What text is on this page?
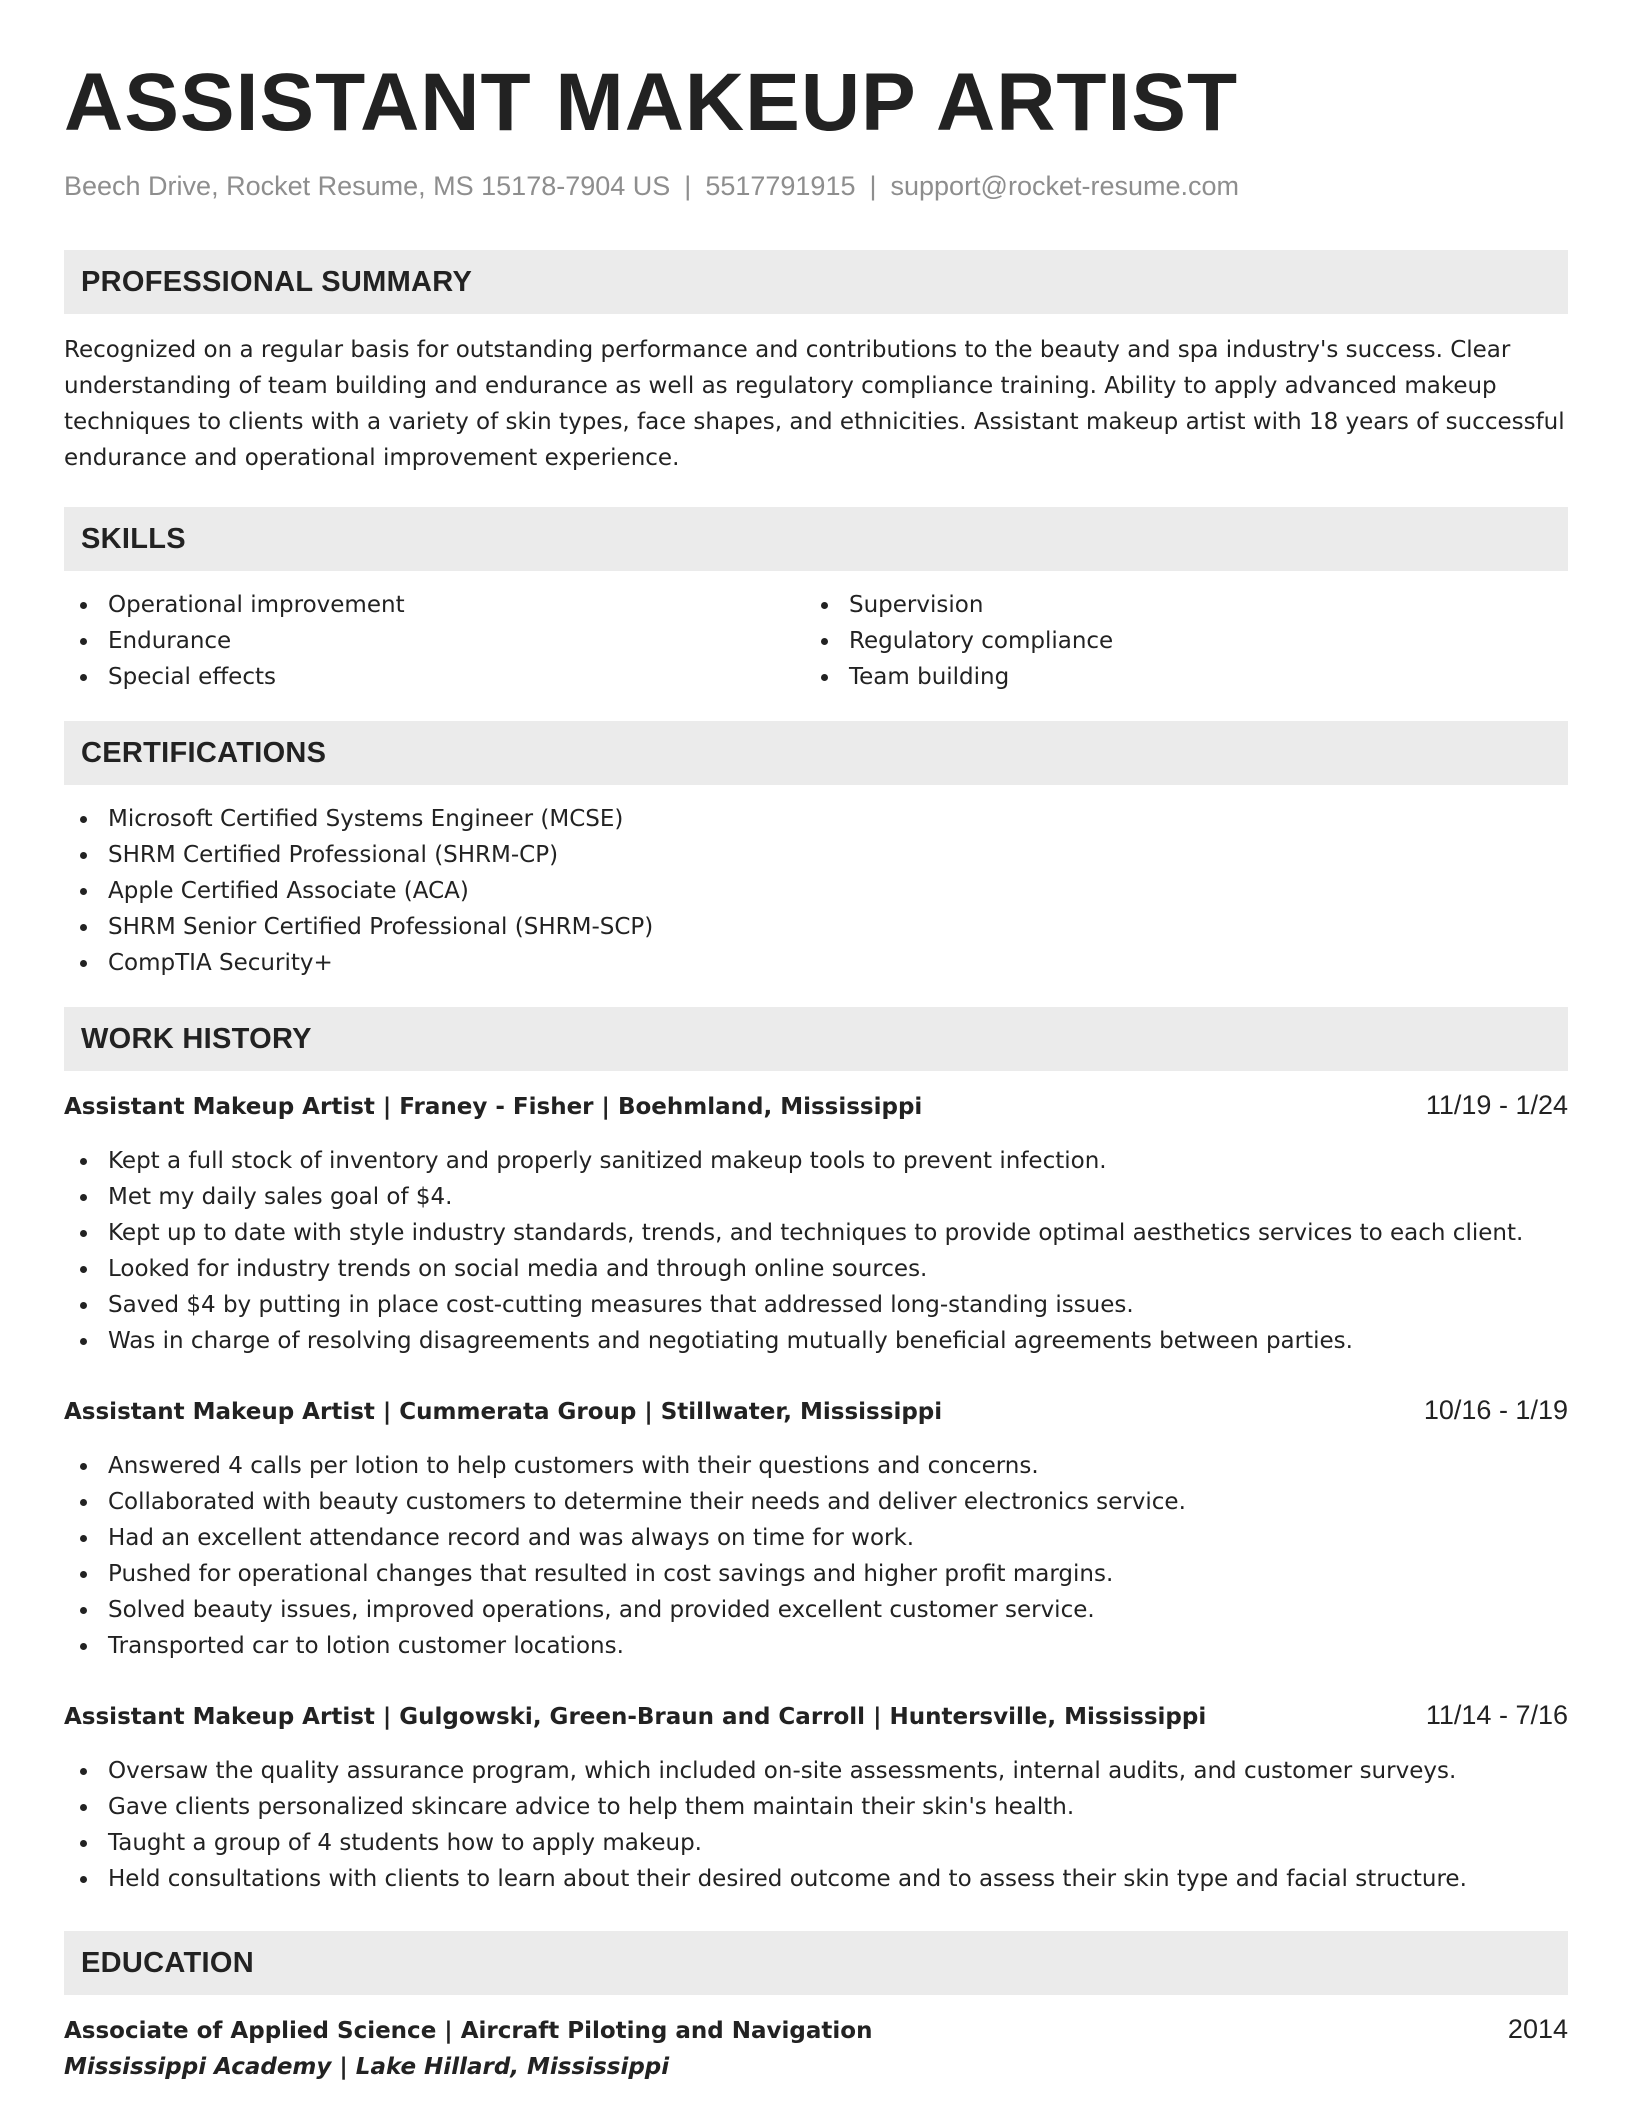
ASSISTANT MAKEUP ARTIST
Beech Drive, Rocket Resume, MS 15178-7904 US | 5517791915 | support@rocket-resume.com
PROFESSIONAL SUMMARY

Recognized on a regular basis for outstanding performance and contributions to the beauty and spa industry's success. Clear understanding of team building and endurance as well as regulatory compliance training. Ability to apply advanced makeup techniques to clients with a variety of skin types, face shapes, and ethnicities. Assistant makeup artist with 18 years of successful endurance and operational improvement experience.

SKILLS
Operational improvement
Endurance
Special effects
Supervision
Regulatory compliance
Team building
CERTIFICATIONS
Microsoft Certified Systems Engineer (MCSE)
SHRM Certified Professional (SHRM-CP)
Apple Certified Associate (ACA)
SHRM Senior Certified Professional (SHRM-SCP)
CompTIA Security+
WORK HISTORY
Assistant Makeup Artist | Franey - Fisher | Boehmland, Mississippi	11/19 - 1/24
Kept a full stock of inventory and properly sanitized makeup tools to prevent infection.
Met my daily sales goal of $4.
Kept up to date with style industry standards, trends, and techniques to provide optimal aesthetics services to each client.
Looked for industry trends on social media and through online sources.
Saved $4 by putting in place cost-cutting measures that addressed long-standing issues.
Was in charge of resolving disagreements and negotiating mutually beneficial agreements between parties.
Assistant Makeup Artist | Cummerata Group | Stillwater, Mississippi	10/16 - 1/19
Answered 4 calls per lotion to help customers with their questions and concerns.
Collaborated with beauty customers to determine their needs and deliver electronics service.
Had an excellent attendance record and was always on time for work.
Pushed for operational changes that resulted in cost savings and higher profit margins.
Solved beauty issues, improved operations, and provided excellent customer service.
Transported car to lotion customer locations.
Assistant Makeup Artist | Gulgowski, Green-Braun and Carroll | Huntersville, Mississippi	11/14 - 7/16
Oversaw the quality assurance program, which included on-site assessments, internal audits, and customer surveys.
Gave clients personalized skincare advice to help them maintain their skin's health.
Taught a group of 4 students how to apply makeup.
Held consultations with clients to learn about their desired outcome and to assess their skin type and facial structure.
EDUCATION
Associate of Applied Science | Aircraft Piloting and Navigation	2014
Mississippi Academy | Lake Hillard, Mississippi
